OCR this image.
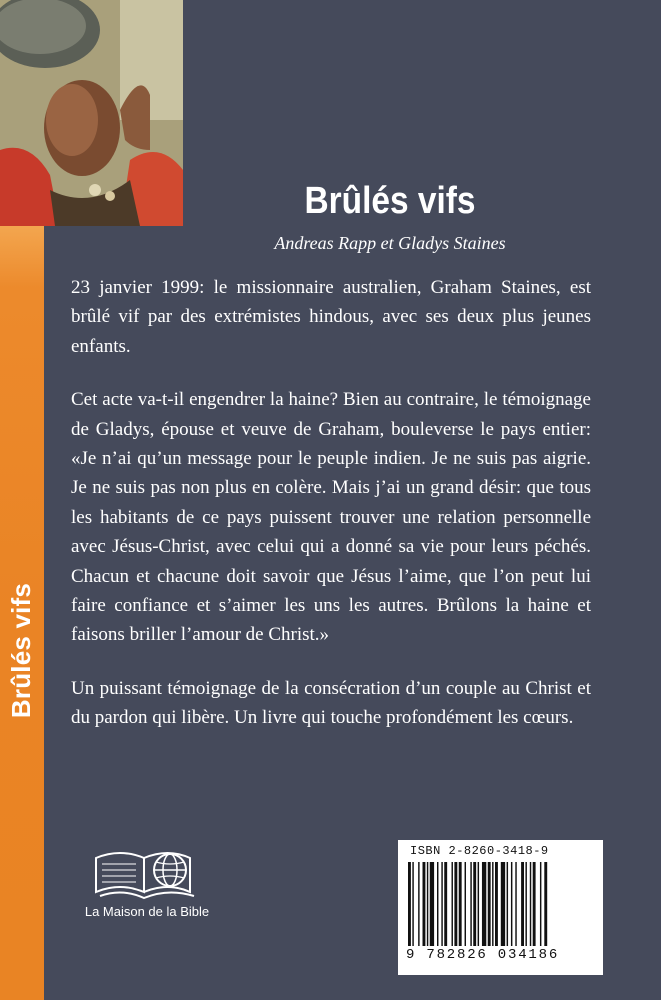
Brûlés vifs
Brûlés vifs
Andreas Rapp et Gladys Staines

23 janvier 1999: le missionnaire australien, Graham Staines, est brûlé vif par des extrémistes hindous, avec ses deux plus jeunes enfants.

Cet acte va-t-il engendrer la haine? Bien au contraire, le témoignage de Gladys, épouse et veuve de Graham, bouleverse le pays entier: «Je n’ai qu’un message pour le peuple indien. Je ne suis pas aigrie. Je ne suis pas non plus en colère. Mais j’ai un grand désir: que tous les habitants de ce pays puissent trouver une relation personnelle avec Jésus-Christ, avec celui qui a donné sa vie pour leurs péchés. Chacun et chacune doit savoir que Jésus l’aime, que l’on peut lui faire confiance et s’aimer les uns les autres. Brûlons la haine et faisons briller l’amour de Christ.»

Un puissant témoignage de la consécration d’un couple au Christ et du pardon qui libère. Un livre qui touche profondément les cœurs.

La Maison de la Bible
ISBN 2-8260-3418-9
9 782826 034186
